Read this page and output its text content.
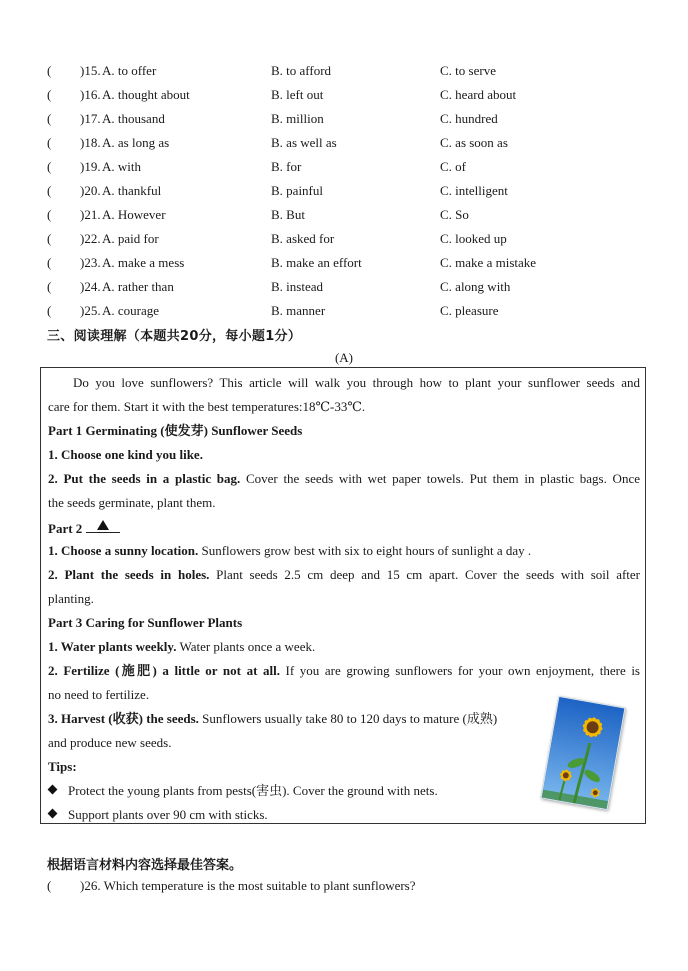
( )15. A. to offer	B. to afford	C. to serve
( )16. A. thought about	B. left out	C. heard about
( )17. A. thousand	B. million	C. hundred
( )18. A. as long as	B. as well as	C. as soon as
( )19. A. with	B. for	C. of
( )20. A. thankful	B. painful	C. intelligent
( )21. A. However	B. But	C. So
( )22. A. paid for	B. asked for	C. looked up
( )23. A. make a mess	B. make an effort	C. make a mistake
( )24. A. rather than	B. instead	C. along with
( )25. A. courage	B. manner	C. pleasure
三、阅读理解（本题共20分，每小题1分）
(A)
Do you love sunflowers? This article will walk you through how to plant your sunflower seeds and
care for them. Start it with the best temperatures:18℃-33℃.
Part 1 Germinating (使发芽) Sunflower Seeds
1. Choose one kind you like.
2. Put the seeds in a plastic bag. Cover the seeds with wet paper towels. Put them in plastic bags. Once
the seeds germinate, plant them.
Part 2
1. Choose a sunny location. Sunflowers grow best with six to eight hours of sunlight a day .
2. Plant the seeds in holes. Plant seeds 2.5 cm deep and 15 cm apart. Cover the seeds with soil after
planting.
Part 3 Caring for Sunflower Plants
1. Water plants weekly. Water plants once a week.
2. Fertilize (施肥) a little or not at all. If you are growing sunflowers for your own enjoyment, there is
no need to fertilize.
3. Harvest (收获) the seeds. Sunflowers usually take 80 to 120 days to mature (成熟)
and produce new seeds.
Tips:
Protect the young plants from pests(害虫). Cover the ground with nets.
Support plants over 90 cm with sticks.
根据语言材料内容选择最佳答案。
( )26. Which temperature is the most suitable to plant sunflowers?
